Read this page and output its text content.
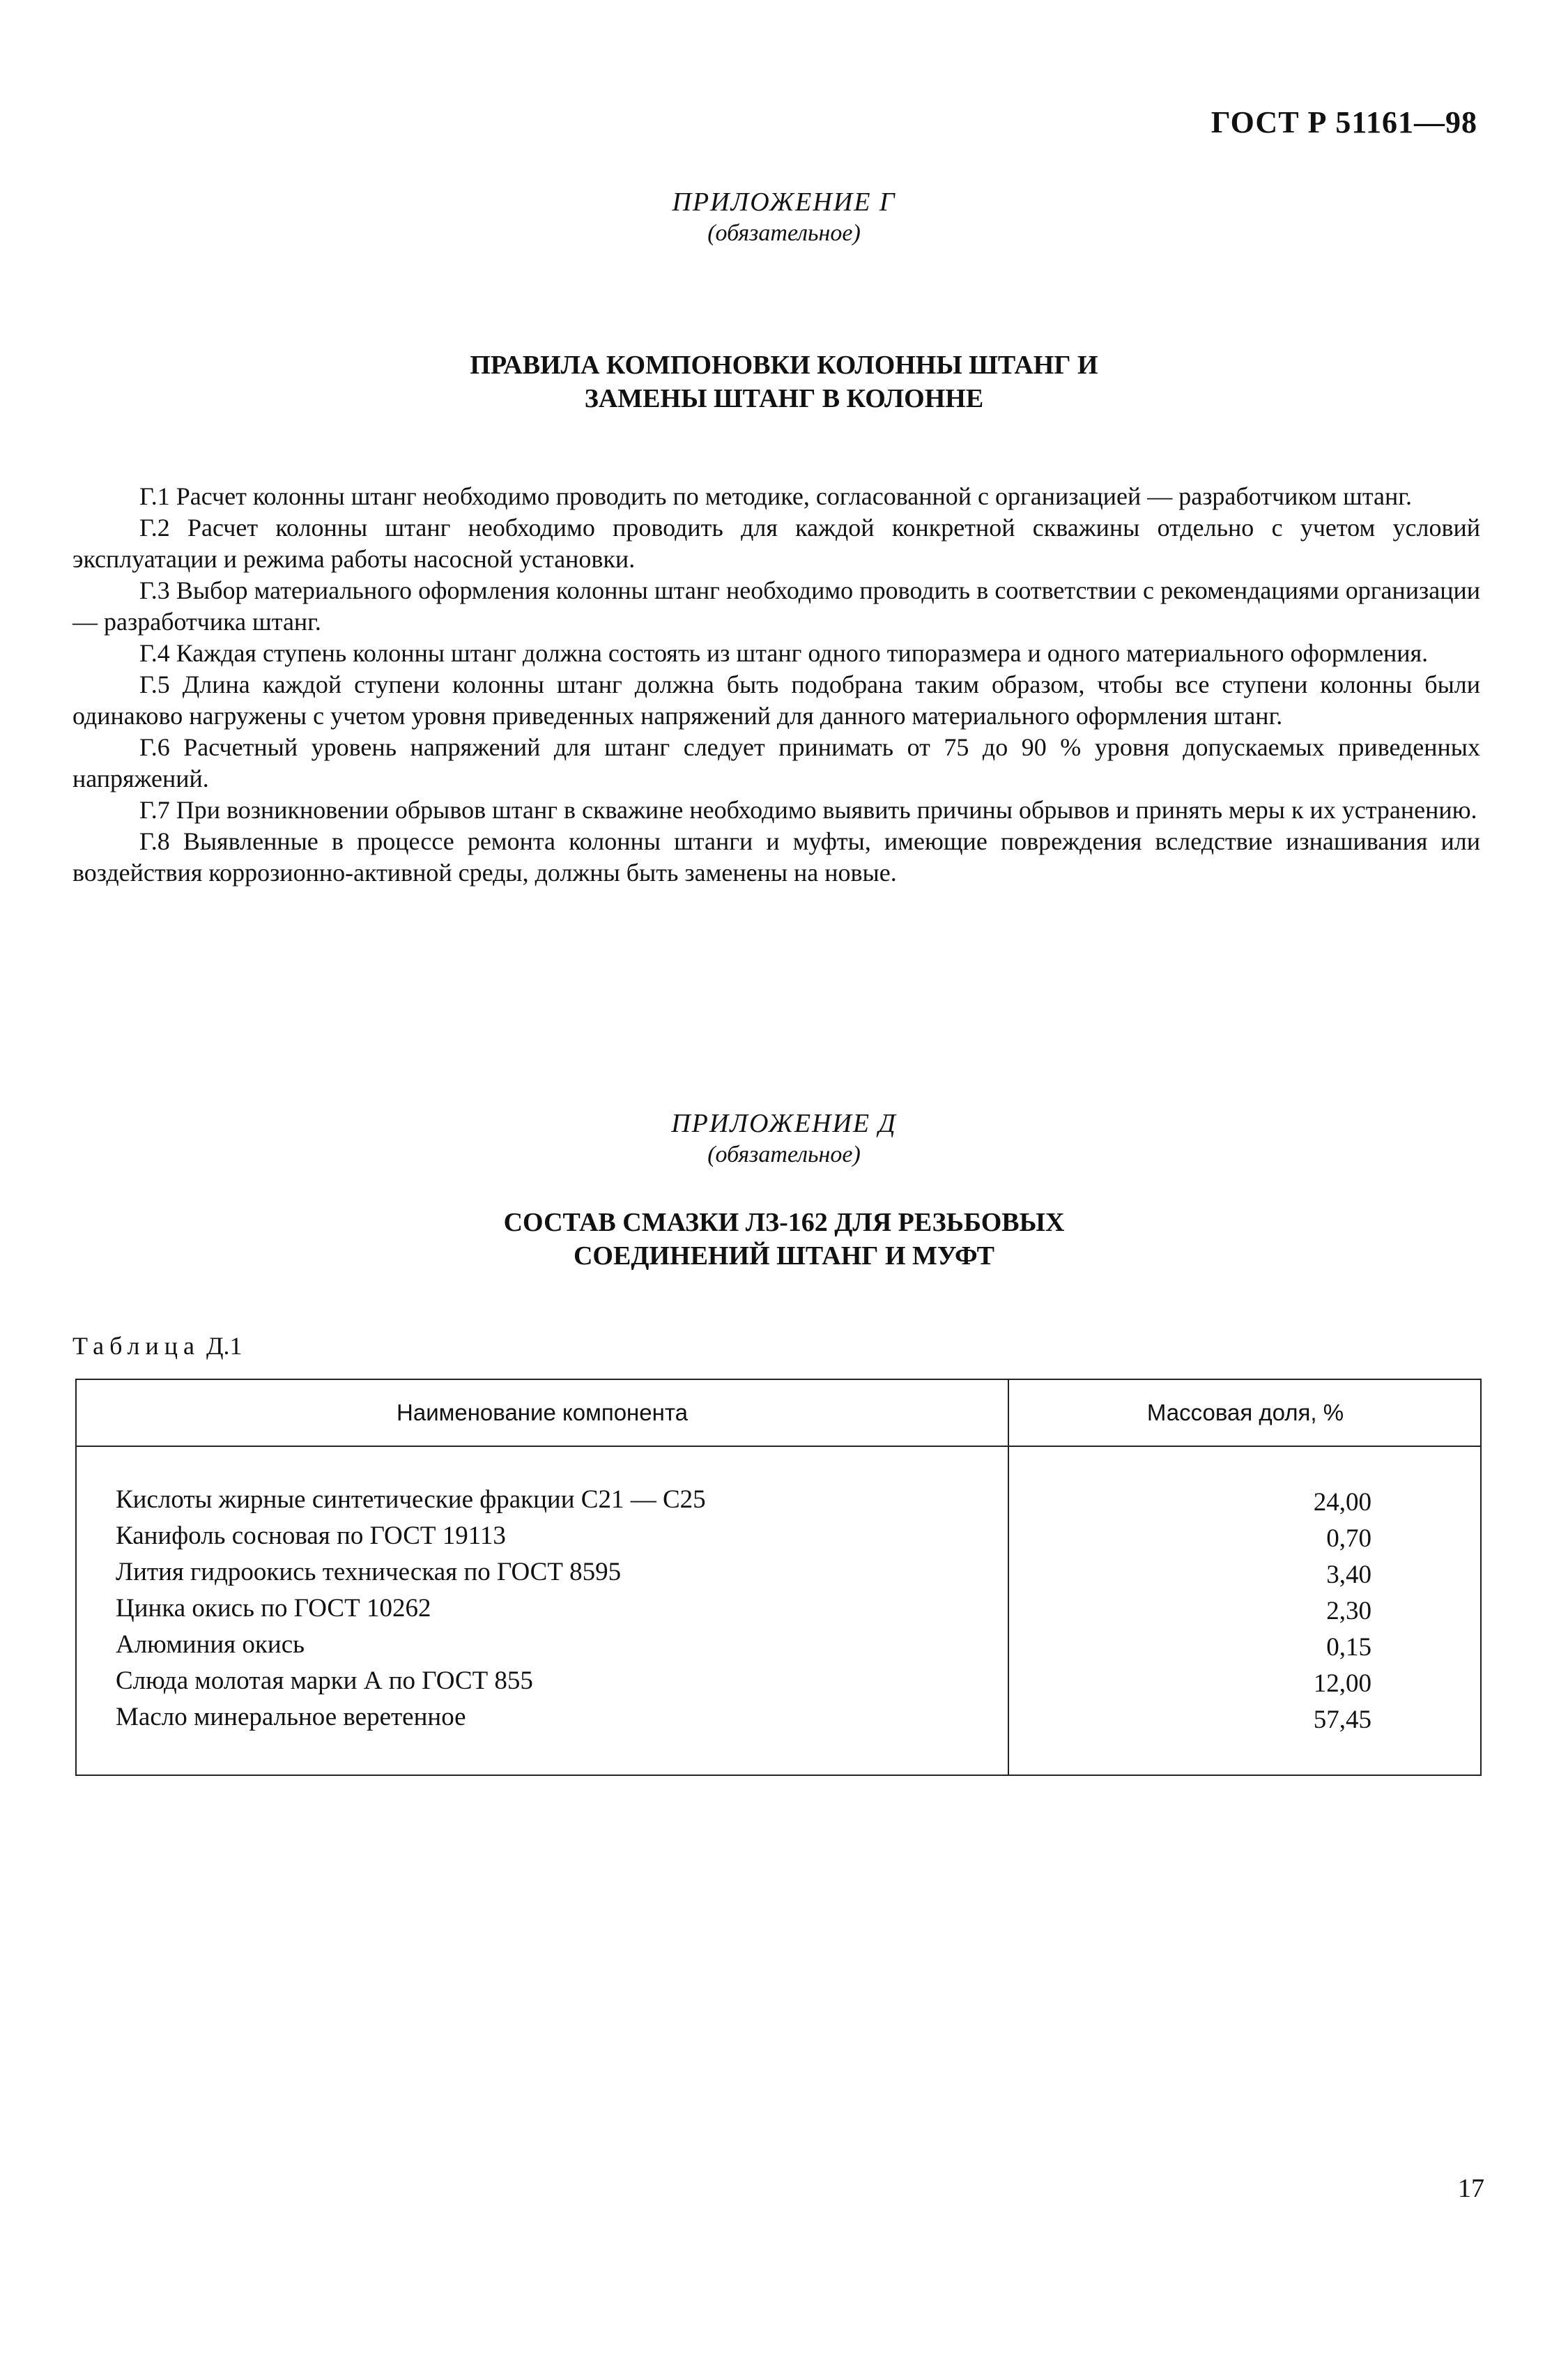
ГОСТ Р 51161—98
ПРИЛОЖЕНИЕ Г
(обязательное)
ПРАВИЛА КОМПОНОВКИ КОЛОННЫ ШТАНГ И
ЗАМЕНЫ ШТАНГ В КОЛОННЕ

Г.1 Расчет колонны штанг необходимо проводить по методике, согласованной с организацией — разработчиком штанг.

Г.2 Расчет колонны штанг необходимо проводить для каждой конкретной скважины отдельно с учетом условий эксплуатации и режима работы насосной установки.

Г.3 Выбор материального оформления колонны штанг необходимо проводить в соответствии с рекомендациями организации — разработчика штанг.

Г.4 Каждая ступень колонны штанг должна состоять из штанг одного типоразмера и одного материального оформления.

Г.5 Длина каждой ступени колонны штанг должна быть подобрана таким образом, чтобы все ступени колонны были одинаково нагружены с учетом уровня приведенных напряжений для данного материального оформления штанг.

Г.6 Расчетный уровень напряжений для штанг следует принимать от 75 до 90 % уровня допускаемых приведенных напряжений.

Г.7 При возникновении обрывов штанг в скважине необходимо выявить причины обрывов и принять меры к их устранению.

Г.8 Выявленные в процессе ремонта колонны штанги и муфты, имеющие повреждения вследствие изнашивания или воздействия коррозионно-активной среды, должны быть заменены на новые.

ПРИЛОЖЕНИЕ Д
(обязательное)
СОСТАВ СМАЗКИ ЛЗ-162 ДЛЯ РЕЗЬБОВЫХ
СОЕДИНЕНИЙ ШТАНГ И МУФТ
Таблица Д.1
Наименование компонента	Массовая доля, %
Кислоты жирные синтетические фракции С21 — С25	24,00
Канифоль сосновая по ГОСТ 19113	0,70
Лития гидроокись техническая по ГОСТ 8595	3,40
Цинка окись по ГОСТ 10262	2,30
Алюминия окись	0,15
Слюда молотая марки А по ГОСТ 855	12,00
Масло минеральное веретенное	57,45
17
